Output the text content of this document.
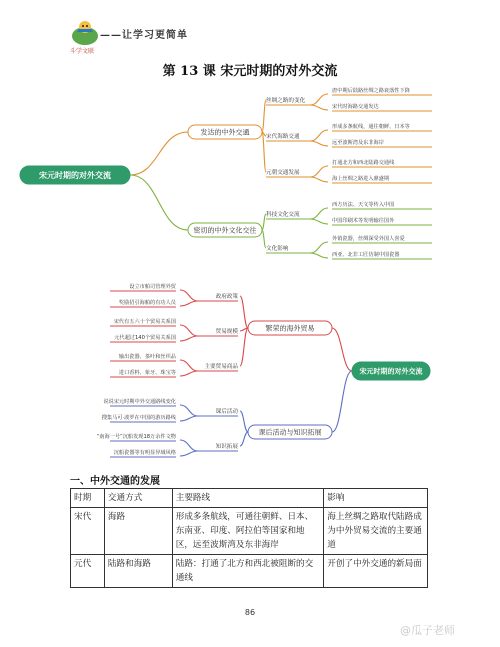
斗学文联
——让学习更简单
第 13 课 宋元时期的对外交流
发达的中外交通
丝绸之路的变化
唐中期后陆路丝绸之路衰落性下降
宋代时海路交通发达
宋代海路交通
形成多条航线，通往朝鲜、日本等
远至波斯湾及东非海岸
元朝交通发展
打通北方和西北陆路交通线
海上丝绸之路进入鼎盛期
密切的中外文化交往
科技文化交流
西方历法、天文等传入中国
中国印刷术等发明输往国外
文化影响
外销瓷器，丝绸深受外国人喜爱
西亚、北非工匠仿制中国瓷器
宋元时期的对外交流
繁荣的海外贸易
政府政策
设立市舶司管理外贸
奖励招引海舶的有功人员
贸易规模
宋代有五六十个贸易关系国
元代超过140个贸易关系国
主要贸易商品
输出瓷器、茶叶和丝织品
进口香料、象牙、珠宝等
课后活动与知识拓展
课后活动
说说宋元时期中外交通路线变化
搜集马可·波罗在中国的游历路线
知识拓展
“南海一号”沉船发现18万余件文物
沉船瓷器等有明显异域风格
宋元时期的对外交流
一、中外交通的发展
时期	交通方式	主要路线	影响
宋代	海路	形成多条航线，可通往朝鲜、日本、东南亚、印度、阿拉伯等国家和地区，远至波斯湾及东非海岸	海上丝绸之路取代陆路成为中外贸易交流的主要通道
元代	陆路和海路	陆路：打通了北方和西北被阻断的交通线	开创了中外交通的新局面
86
@瓜子老师
